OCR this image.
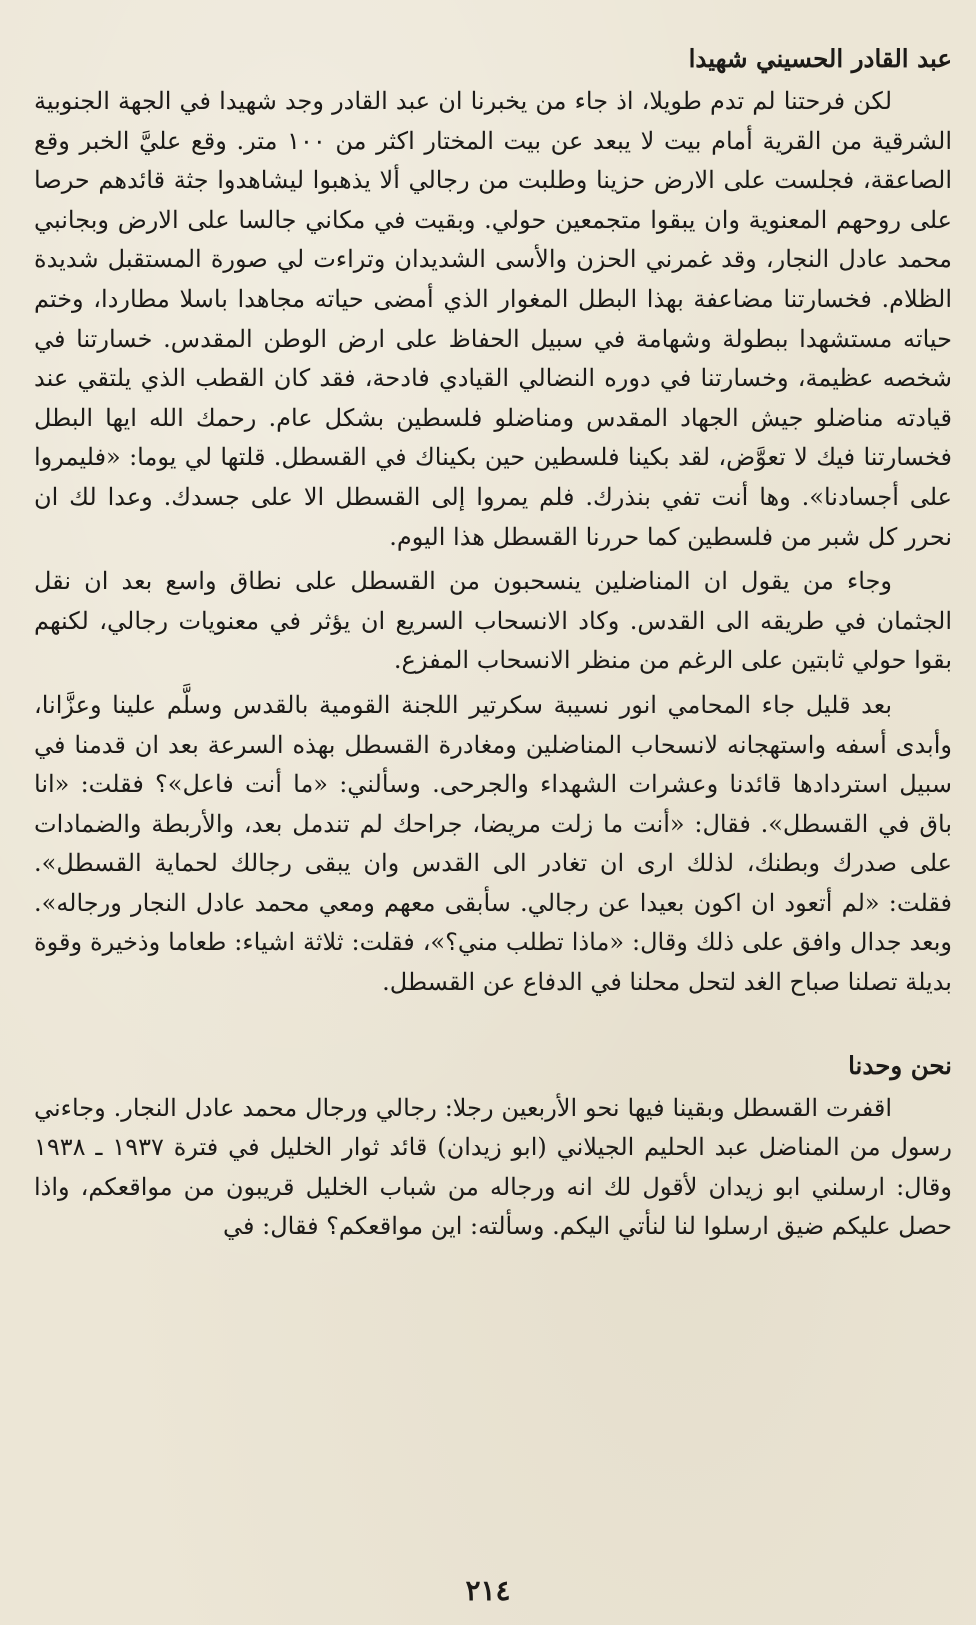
عبد القادر الحسيني شهيدا

لكن فرحتنا لم تدم طويلا، اذ جاء من يخبرنا ان عبد القادر وجد شهيدا في الجهة الجنوبية الشرقية من القرية أمام بيت لا يبعد عن بيت المختار اكثر من ١٠٠ متر. وقع عليَّ الخبر وقع الصاعقة، فجلست على الارض حزينا وطلبت من رجالي ألا يذهبوا ليشاهدوا جثة قائدهم حرصا على روحهم المعنوية وان يبقوا متجمعين حولي. وبقيت في مكاني جالسا على الارض وبجانبي محمد عادل النجار، وقد غمرني الحزن والأسى الشديدان وتراءت لي صورة المستقبل شديدة الظلام. فخسارتنا مضاعفة بهذا البطل المغوار الذي أمضى حياته مجاهدا باسلا مطاردا، وختم حياته مستشهدا ببطولة وشهامة في سبيل الحفاظ على ارض الوطن المقدس. خسارتنا في شخصه عظيمة، وخسارتنا في دوره النضالي القيادي فادحة، فقد كان القطب الذي يلتقي عند قيادته مناضلو جيش الجهاد المقدس ومناضلو فلسطين بشكل عام. رحمك الله ايها البطل فخسارتنا فيك لا تعوَّض، لقد بكينا فلسطين حين بكيناك في القسطل. قلتها لي يوما: «فليمروا على أجسادنا». وها أنت تفي بنذرك. فلم يمروا إلى القسطل الا على جسدك. وعدا لك ان نحرر كل شبر من فلسطين كما حررنا القسطل هذا اليوم.

وجاء من يقول ان المناضلين ينسحبون من القسطل على نطاق واسع بعد ان نقل الجثمان في طريقه الى القدس. وكاد الانسحاب السريع ان يؤثر في معنويات رجالي، لكنهم بقوا حولي ثابتين على الرغم من منظر الانسحاب المفزع.

بعد قليل جاء المحامي انور نسيبة سكرتير اللجنة القومية بالقدس وسلَّم علينا وعزَّانا، وأبدى أسفه واستهجانه لانسحاب المناضلين ومغادرة القسطل بهذه السرعة بعد ان قدمنا في سبيل استردادها قائدنا وعشرات الشهداء والجرحى. وسألني: «ما أنت فاعل»؟ فقلت: «انا باق في القسطل». فقال: «أنت ما زلت مريضا، جراحك لم تندمل بعد، والأربطة والضمادات على صدرك وبطنك، لذلك ارى ان تغادر الى القدس وان يبقى رجالك لحماية القسطل». فقلت: «لم أتعود ان اكون بعيدا عن رجالي. سأبقى معهم ومعي محمد عادل النجار ورجاله». وبعد جدال وافق على ذلك وقال: «ماذا تطلب مني؟»، فقلت: ثلاثة اشياء: طعاما وذخيرة وقوة بديلة تصلنا صباح الغد لتحل محلنا في الدفاع عن القسطل.

نحن وحدنا

اقفرت القسطل وبقينا فيها نحو الأربعين رجلا: رجالي ورجال محمد عادل النجار. وجاءني رسول من المناضل عبد الحليم الجيلاني (ابو زيدان) قائد ثوار الخليل في فترة ١٩٣٧ ـ ١٩٣٨ وقال: ارسلني ابو زيدان لأقول لك انه ورجاله من شباب الخليل قريبون من مواقعكم، واذا حصل عليكم ضيق ارسلوا لنا لنأتي اليكم. وسألته: اين مواقعكم؟ فقال: في

٢١٤
